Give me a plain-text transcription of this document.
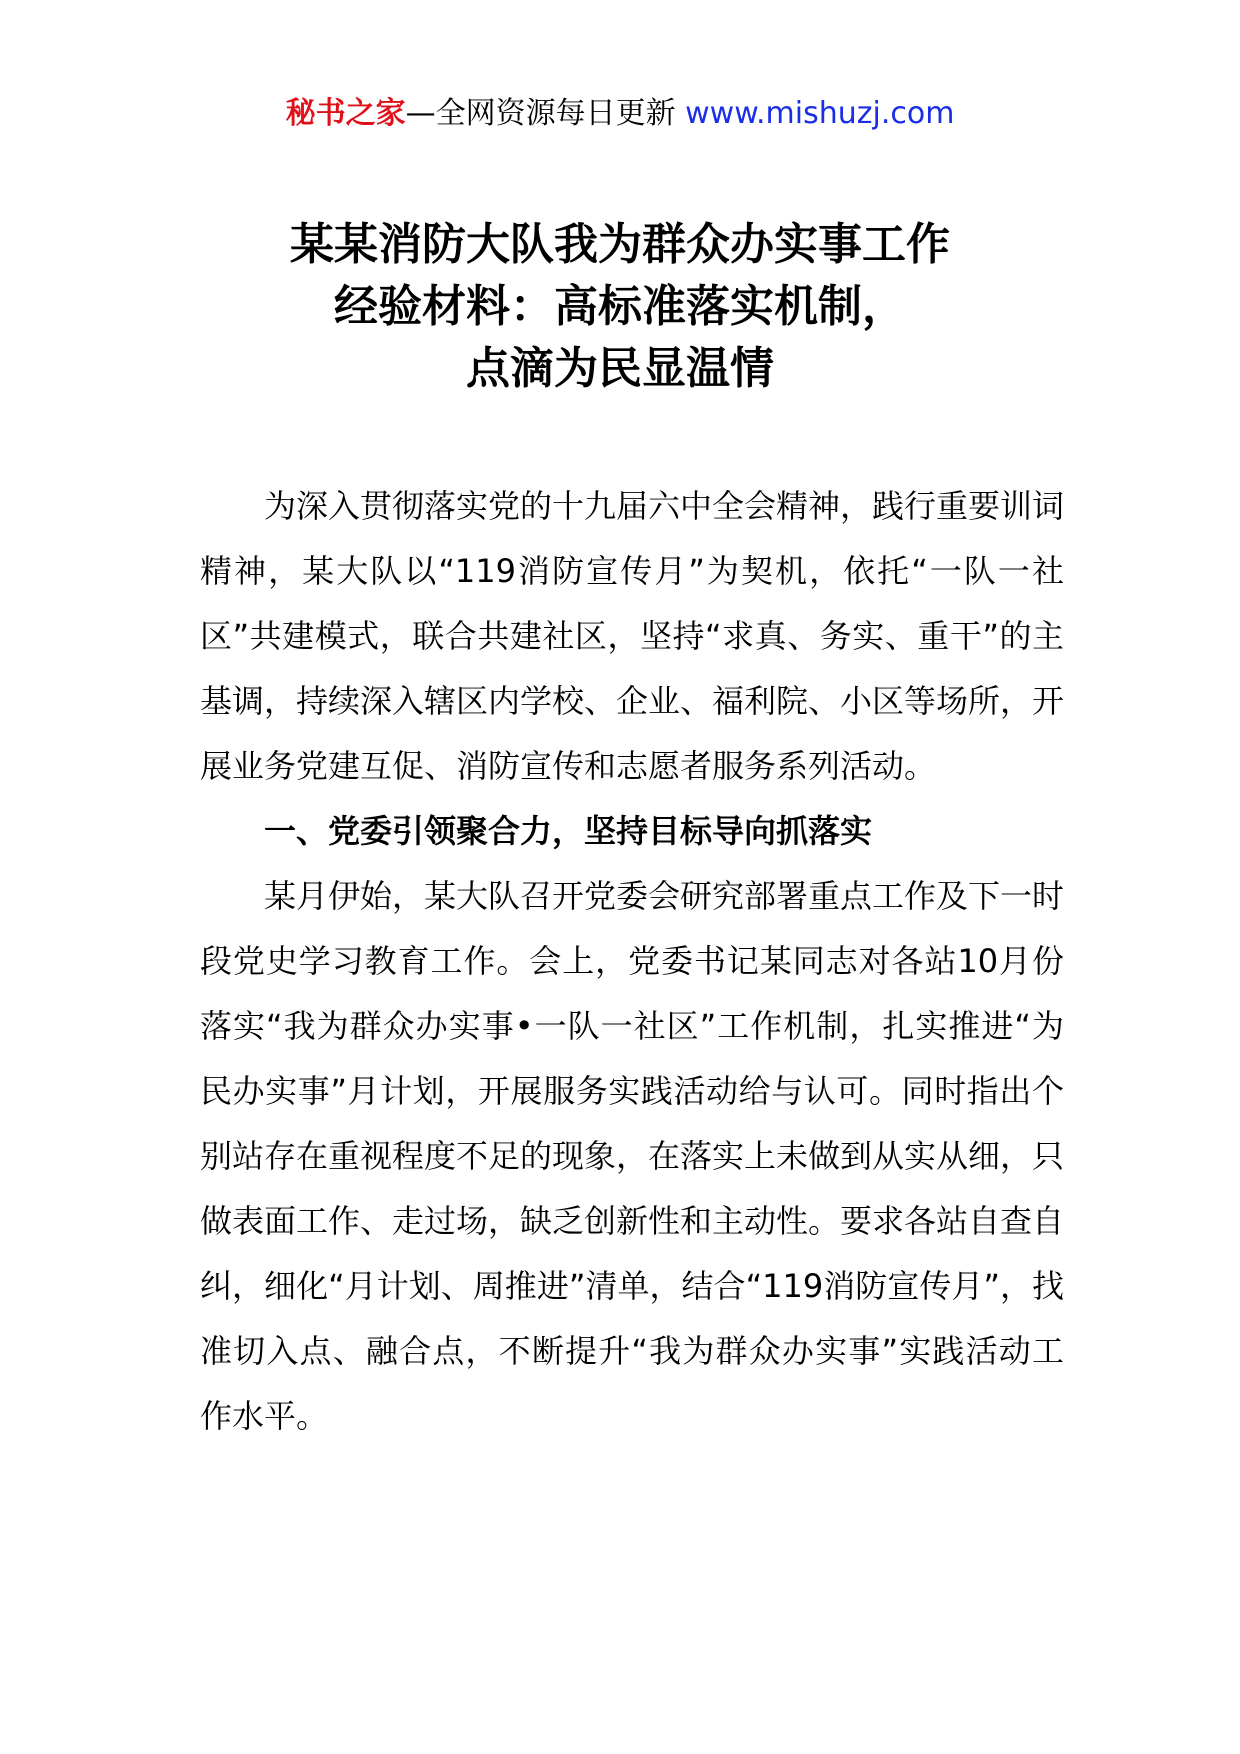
秘书之家—全网资源每日更新 www.mishuzj.com
某某消防大队我为群众办实事工作
经验材料：高标准落实机制，
点滴为民显温情

为深入贯彻落实党的十九届六中全会精神，践行重要训词精神，某大队以“119消防宣传月”为契机，依托“一队一社区”共建模式，联合共建社区，坚持“求真、务实、重干”的主基调，持续深入辖区内学校、企业、福利院、小区等场所，开展业务党建互促、消防宣传和志愿者服务系列活动。

一、党委引领聚合力，坚持目标导向抓落实

某月伊始，某大队召开党委会研究部署重点工作及下一时段党史学习教育工作。会上，党委书记某同志对各站10月份落实“我为群众办实事•一队一社区”工作机制，扎实推进“为民办实事”月计划，开展服务实践活动给与认可。同时指出个别站存在重视程度不足的现象，在落实上未做到从实从细，只做表面工作、走过场，缺乏创新性和主动性。要求各站自查自纠，细化“月计划、周推进”清单，结合“119消防宣传月”，找准切入点、融合点，不断提升“我为群众办实事”实践活动工作水平。
